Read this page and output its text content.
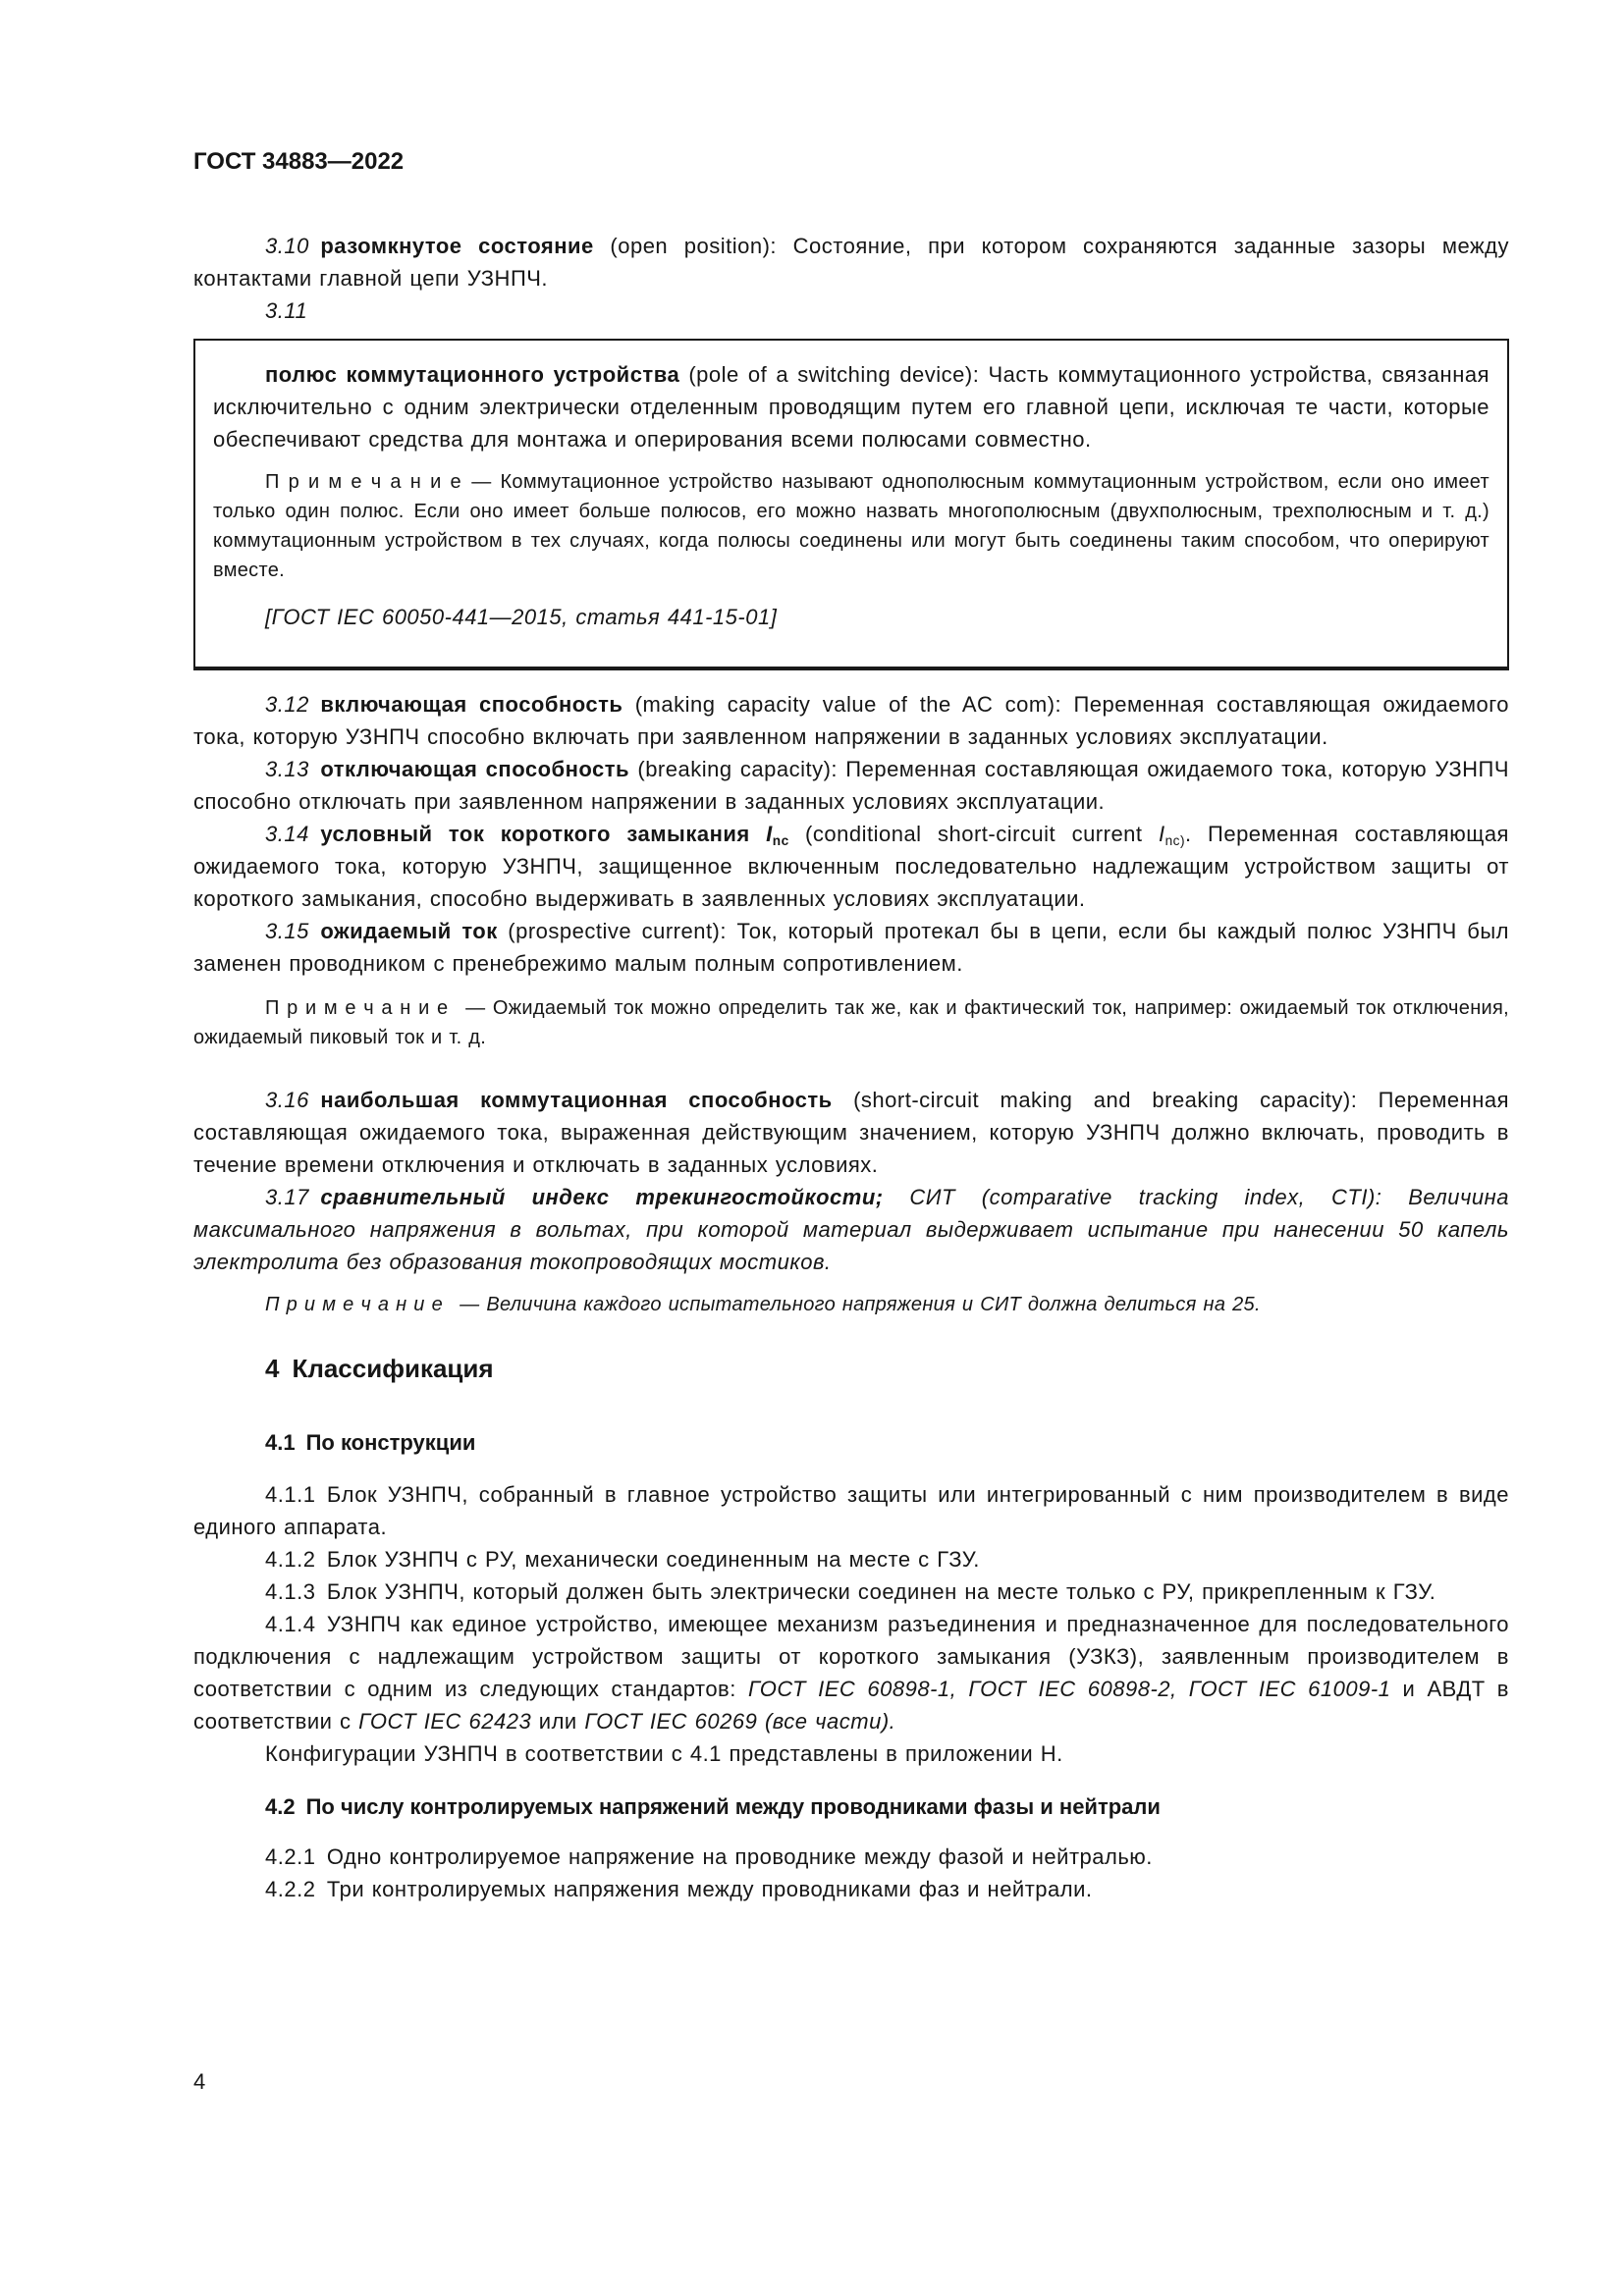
ГОСТ 34883—2022

3.10  разомкнутое состояние (open position): Состояние, при котором сохраняются заданные зазоры между контактами главной цепи УЗНПЧ.

3.11

полюс коммутационного устройства (pole of a switching device): Часть коммутационного устройства, связанная исключительно с одним электрически отделенным проводящим путем его главной цепи, исключая те части, которые обеспечивают средства для монтажа и оперирования всеми полюсами совместно.

П р и м е ч а н и е — Коммутационное устройство называют однополюсным коммутационным устройством, если оно имеет только один полюс. Если оно имеет больше полюсов, его можно назвать многополюсным (двухполюсным, трехполюсным и т. д.) коммутационным устройством в тех случаях, когда полюсы соединены или могут быть соединены таким способом, что оперируют вместе.

[ГОСТ IEC 60050-441—2015, статья 441-15-01]

3.12  включающая способность (making capacity value of the AC com): Переменная составляющая ожидаемого тока, которую УЗНПЧ способно включать при заявленном напряжении в заданных условиях эксплуатации.

3.13  отключающая способность (breaking capacity): Переменная составляющая ожидаемого тока, которую УЗНПЧ способно отключать при заявленном напряжении в заданных условиях эксплуатации.

3.14  условный ток короткого замыкания $I_{nc}$ (conditional short-circuit current $I_{nc)}$. Переменная составляющая ожидаемого тока, которую УЗНПЧ, защищенное включенным последовательно надлежащим устройством защиты от короткого замыкания, способно выдерживать в заявленных условиях эксплуатации.

3.15  ожидаемый ток (prospective current): Ток, который протекал бы в цепи, если бы каждый полюс УЗНПЧ был заменен проводником с пренебрежимо малым полным сопротивлением.

П р и м е ч а н и е  — Ожидаемый ток можно определить так же, как и фактический ток, например: ожидаемый ток отключения, ожидаемый пиковый ток и т. д.

3.16  наибольшая коммутационная способность (short-circuit making and breaking capacity): Переменная составляющая ожидаемого тока, выраженная действующим значением, которую УЗНПЧ должно включать, проводить в течение времени отключения и отключать в заданных условиях.

3.17  сравнительный индекс трекингостойкости; СИТ (comparative tracking index, CTI): Величина максимального напряжения в вольтах, при которой материал выдерживает испытание при нанесении 50 капель электролита без образования токопроводящих мостиков.

П р и м е ч а н и е  — Величина каждого испытательного напряжения и СИТ должна делиться на 25.

4 Классификация
4.1 По конструкции

4.1.1 Блок УЗНПЧ, собранный в главное устройство защиты или интегрированный с ним производителем в виде единого аппарата.

4.1.2 Блок УЗНПЧ с РУ, механически соединенным на месте с ГЗУ.

4.1.3 Блок УЗНПЧ, который должен быть электрически соединен на месте только с РУ, прикрепленным к ГЗУ.

4.1.4 УЗНПЧ как единое устройство, имеющее механизм разъединения и предназначенное для последовательного подключения с надлежащим устройством защиты от короткого замыкания (УЗКЗ), заявленным производителем в соответствии с одним из следующих стандартов: ГОСТ IEC 60898-1, ГОСТ IEC 60898-2, ГОСТ IEC 61009-1 и АВДТ в соответствии с ГОСТ IEC 62423 или ГОСТ IEC 60269 (все части).

Конфигурации УЗНПЧ в соответствии с 4.1 представлены в приложении Н.

4.2 По числу контролируемых напряжений между проводниками фазы и нейтрали

4.2.1 Одно контролируемое напряжение на проводнике между фазой и нейтралью.

4.2.2 Три контролируемых напряжения между проводниками фаз и нейтрали.

4
